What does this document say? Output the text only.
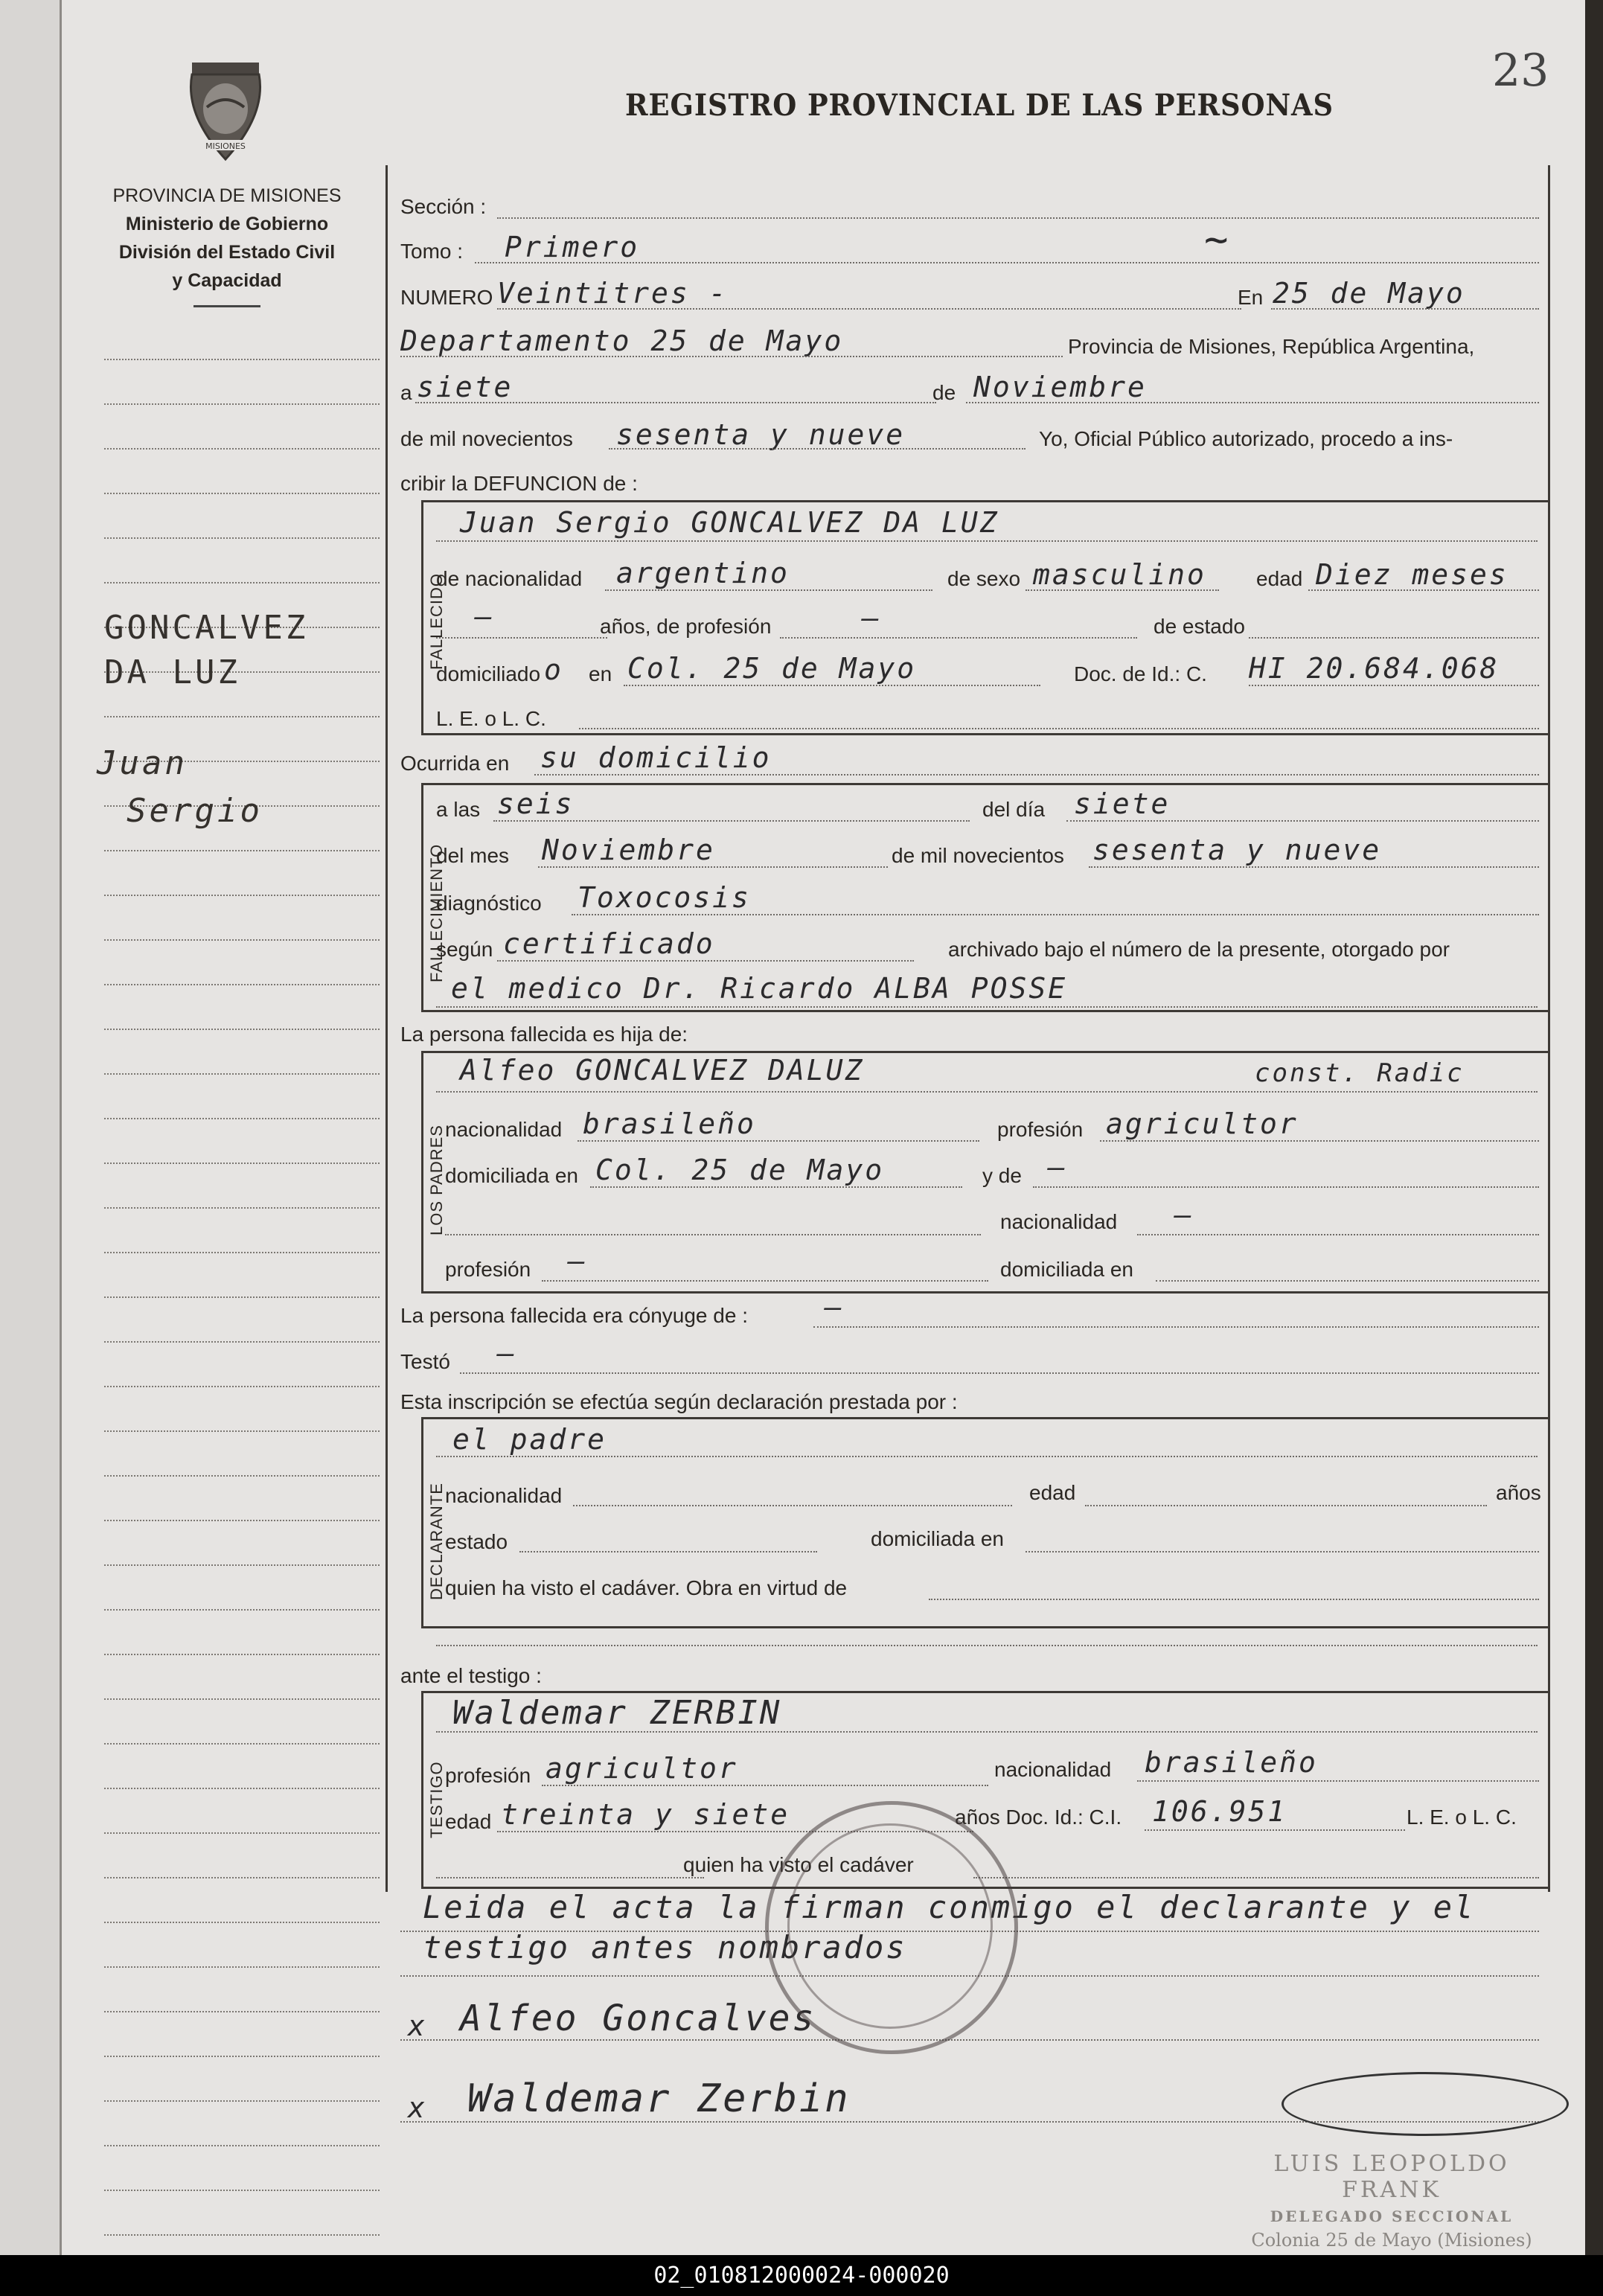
23
MISIONES
PROVINCIA DE MISIONES
Ministerio de Gobierno
División del Estado Civil
y Capacidad
REGISTRO PROVINCIAL DE LAS PERSONAS
GONCALVEZ
DA LUZ
Juan
Sergio
Sección :
Tomo : Primero	~
NUMERO Veintitres -	En 25 de Mayo
Departamento 25 de Mayo	Provincia de Misiones, República Argentina,
a siete	de Noviembre
de mil novecientos sesenta y nueve	Yo, Oficial Público autorizado, procedo a ins-
cribir la DEFUNCION de :
FALLECIDO
Juan Sergio GONCALVEZ DA LUZ
de nacionalidad argentino	de sexo masculino edad Diez meses
—	años, de profesión	—	de estado
domiciliado o en Col. 25 de Mayo	Doc. de Id.: C. HI 20.684.068
L. E. o L. C.
Ocurrida en su domicilio
FALLECIMIENTO
a las seis	del día siete
del mes Noviembre	de mil novecientos sesenta y nueve
diagnóstico Toxocosis
según certificado	archivado bajo el número de la presente, otorgado por
el medico Dr. Ricardo ALBA POSSE
La persona fallecida es hija de:
LOS PADRES
Alfeo GONCALVEZ DALUZ	const. Radic
nacionalidad brasileño	profesión agricultor
domiciliada en Col. 25 de Mayo	y de —
nacionalidad —
profesión —	domiciliada en
La persona fallecida era cónyuge de :	—
Testó —
Esta inscripción se efectúa según declaración prestada por :
DECLARANTE
el padre
nacionalidad	edad	años
estado	domiciliada en
quien ha visto el cadáver. Obra en virtud de
ante el testigo :
TESTIGO
Waldemar ZERBIN
profesión agricultor	nacionalidad brasileño
edad treinta y siete	años Doc. Id.: C.I. 106.951	L. E. o L. C.
quien ha visto el cadáver
Leida el acta la firman conmigo el declarante y el
testigo antes nombrados
x Alfeo Goncalves
x Waldemar Zerbin
LUIS LEOPOLDO FRANK
DELEGADO SECCIONAL
Colonia 25 de Mayo (Misiones)
02_010812000024-000020
